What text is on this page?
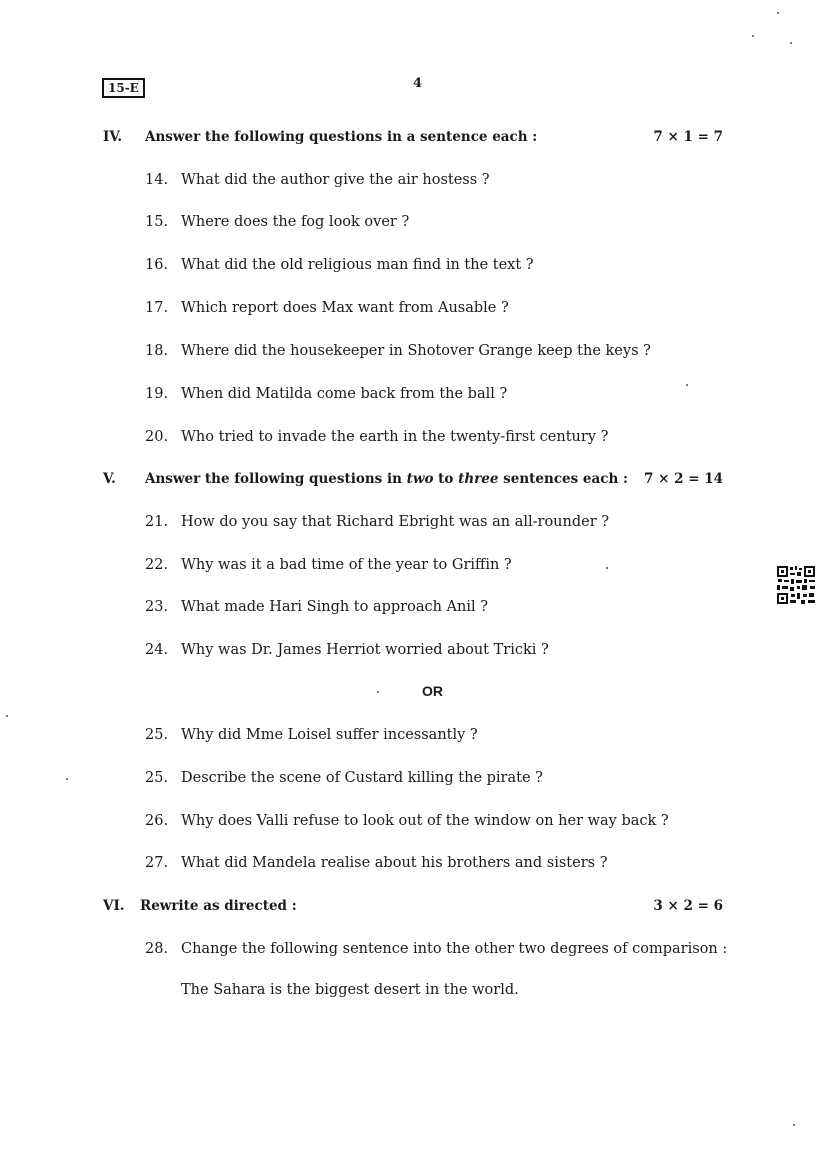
15-E	4
IV. Answer the following questions in a sentence each :	7 × 1 = 7
14. What did the author give the air hostess ?
15. Where does the fog look over ?
16. What did the old religious man find in the text ?
17. Which report does Max want from Ausable ?
18. Where did the housekeeper in Shotover Grange keep the keys ?
19. When did Matilda come back from the ball ?
20. Who tried to invade the earth in the twenty-first century ?
V. Answer the following questions in two to three sentences each : 7 × 2 = 14
21. How do you say that Richard Ebright was an all-rounder ?
22. Why was it a bad time of the year to Griffin ?
23. What made Hari Singh to approach Anil ?
24. Why was Dr. James Herriot worried about Tricki ?
OR
25. Why did Mme Loisel suffer incessantly ?
25. Describe the scene of Custard killing the pirate ?
26. Why does Valli refuse to look out of the window on her way back ?
27. What did Mandela realise about his brothers and sisters ?
VI. Rewrite as directed :	3 × 2 = 6
28. Change the following sentence into the other two degrees of comparison :
The Sahara is the biggest desert in the world.
